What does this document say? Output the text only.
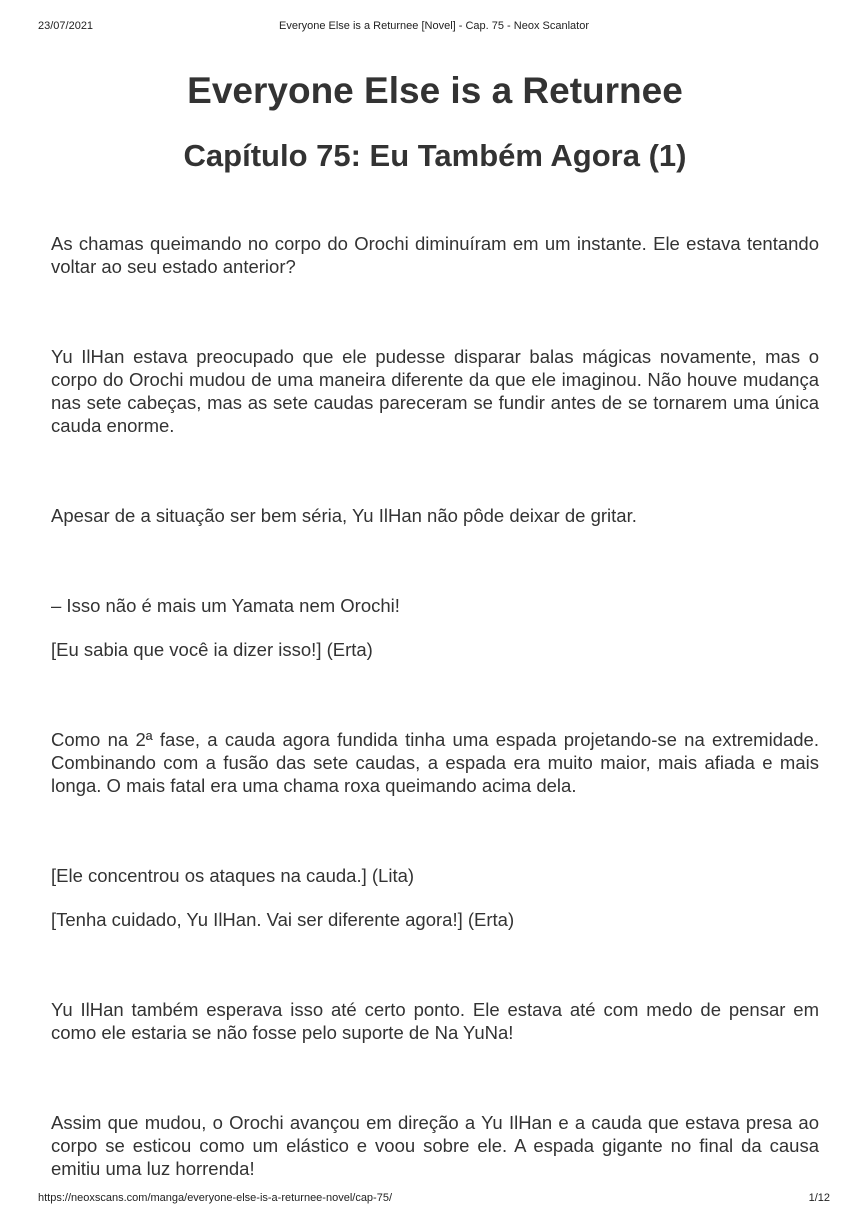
23/07/2021	Everyone Else is a Returnee [Novel] - Cap. 75 - Neox Scanlator
Everyone Else is a Returnee
Capítulo 75: Eu Também Agora (1)

As chamas queimando no corpo do Orochi diminuíram em um instante. Ele estava tentando voltar ao seu estado anterior?

Yu IlHan estava preocupado que ele pudesse disparar balas mágicas novamente, mas o corpo do Orochi mudou de uma maneira diferente da que ele imaginou. Não houve mudança nas sete cabeças, mas as sete caudas pareceram se fundir antes de se tornarem uma única cauda enorme.

Apesar de a situação ser bem séria, Yu IlHan não pôde deixar de gritar.

– Isso não é mais um Yamata nem Orochi!

[Eu sabia que você ia dizer isso!] (Erta)

Como na 2ª fase, a cauda agora fundida tinha uma espada projetando-se na extremidade. Combinando com a fusão das sete caudas, a espada era muito maior, mais afiada e mais longa. O mais fatal era uma chama roxa queimando acima dela.

[Ele concentrou os ataques na cauda.] (Lita)

[Tenha cuidado, Yu IlHan. Vai ser diferente agora!] (Erta)

Yu IlHan também esperava isso até certo ponto. Ele estava até com medo de pensar em como ele estaria se não fosse pelo suporte de Na YuNa!

Assim que mudou, o Orochi avançou em direção a Yu IlHan e a cauda que estava presa ao corpo se esticou como um elástico e voou sobre ele. A espada gigante no final da causa emitiu uma luz horrenda!

https://neoxscans.com/manga/everyone-else-is-a-returnee-novel/cap-75/	1/12
